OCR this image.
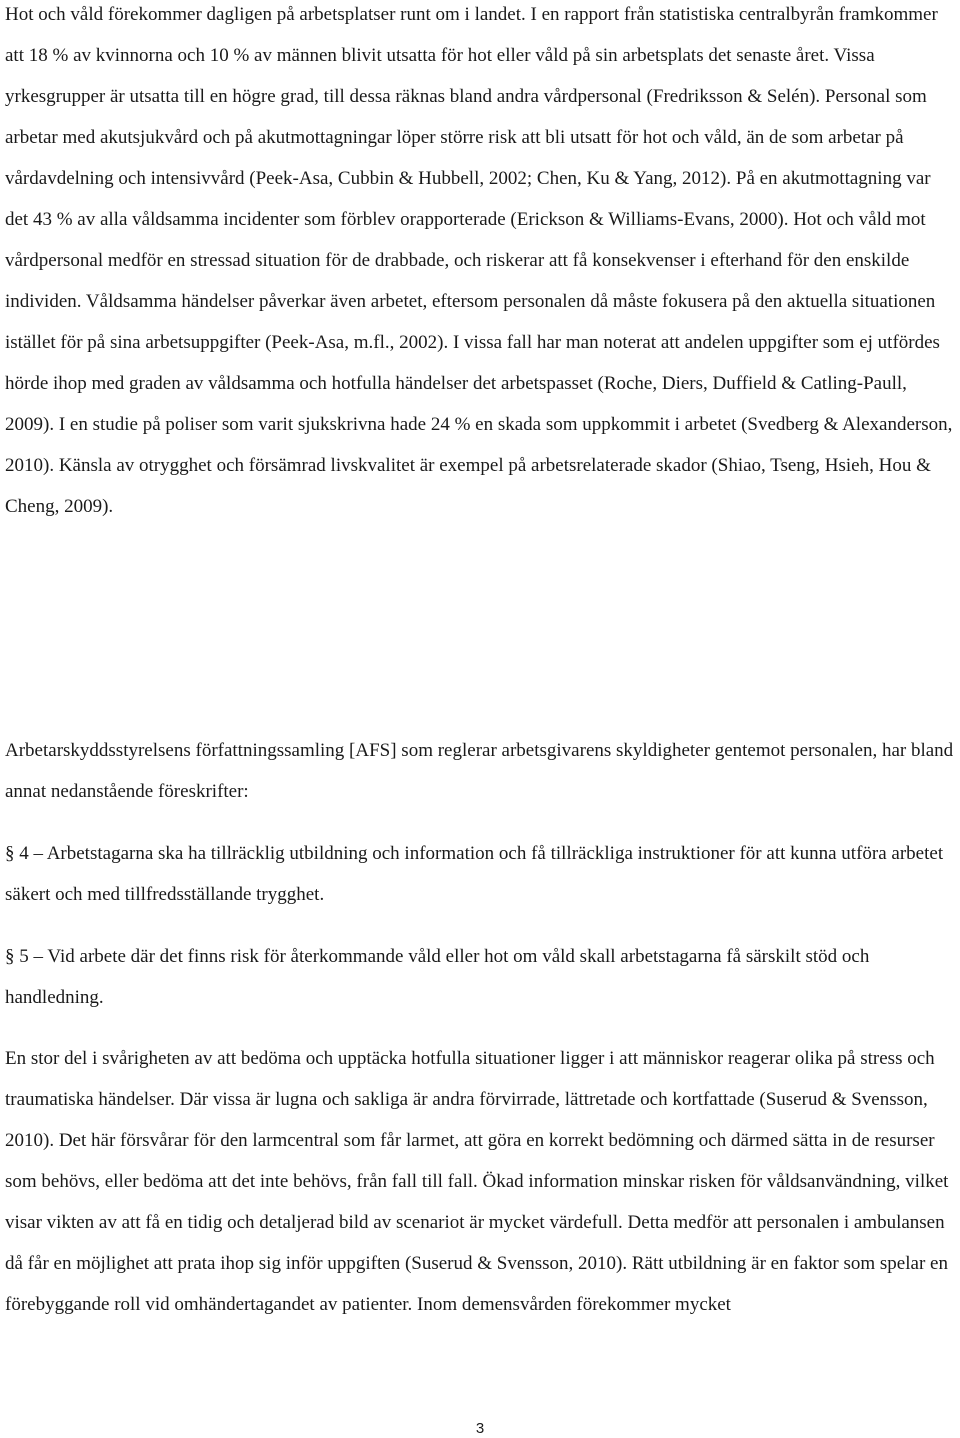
Hot och våld förekommer dagligen på arbetsplatser runt om i landet. I en rapport från statistiska centralbyrån framkommer att 18 % av kvinnorna och 10 % av männen blivit utsatta för hot eller våld på sin arbetsplats det senaste året. Vissa yrkesgrupper är utsatta till en högre grad, till dessa räknas bland andra vårdpersonal (Fredriksson & Selén). Personal som arbetar med akutsjukvård och på akutmottagningar löper större risk att bli utsatt för hot och våld, än de som arbetar på vårdavdelning och intensivvård (Peek-Asa, Cubbin & Hubbell, 2002; Chen, Ku & Yang, 2012). På en akutmottagning var det 43 % av alla våldsamma incidenter som förblev orapporterade (Erickson & Williams-Evans, 2000). Hot och våld mot vårdpersonal medför en stressad situation för de drabbade, och riskerar att få konsekvenser i efterhand för den enskilde individen. Våldsamma händelser påverkar även arbetet, eftersom personalen då måste fokusera på den aktuella situationen istället för på sina arbetsuppgifter (Peek-Asa, m.fl., 2002). I vissa fall har man noterat att andelen uppgifter som ej utfördes hörde ihop med graden av våldsamma och hotfulla händelser det arbetspasset (Roche, Diers, Duffield & Catling-Paull, 2009). I en studie på poliser som varit sjukskrivna hade 24 % en skada som uppkommit i arbetet (Svedberg & Alexanderson, 2010). Känsla av otrygghet och försämrad livskvalitet är exempel på arbetsrelaterade skador (Shiao, Tseng, Hsieh, Hou & Cheng, 2009).

Arbetarskyddsstyrelsens författningssamling [AFS] som reglerar arbetsgivarens skyldigheter gentemot personalen, har bland annat nedanstående föreskrifter:

§ 4 – Arbetstagarna ska ha tillräcklig utbildning och information och få tillräckliga instruktioner för att kunna utföra arbetet säkert och med tillfredsställande trygghet.

§ 5 – Vid arbete där det finns risk för återkommande våld eller hot om våld skall arbetstagarna få särskilt stöd och handledning.

En stor del i svårigheten av att bedöma och upptäcka hotfulla situationer ligger i att människor reagerar olika på stress och traumatiska händelser. Där vissa är lugna och sakliga är andra förvirrade, lättretade och kortfattade (Suserud & Svensson, 2010). Det här försvårar för den larmcentral som får larmet, att göra en korrekt bedömning och därmed sätta in de resurser som behövs, eller bedöma att det inte behövs, från fall till fall. Ökad information minskar risken för våldsanvändning, vilket visar vikten av att få en tidig och detaljerad bild av scenariot är mycket värdefull. Detta medför att personalen i ambulansen då får en möjlighet att prata ihop sig inför uppgiften (Suserud & Svensson, 2010). Rätt utbildning är en faktor som spelar en förebyggande roll vid omhändertagandet av patienter. Inom demensvården förekommer mycket

3
